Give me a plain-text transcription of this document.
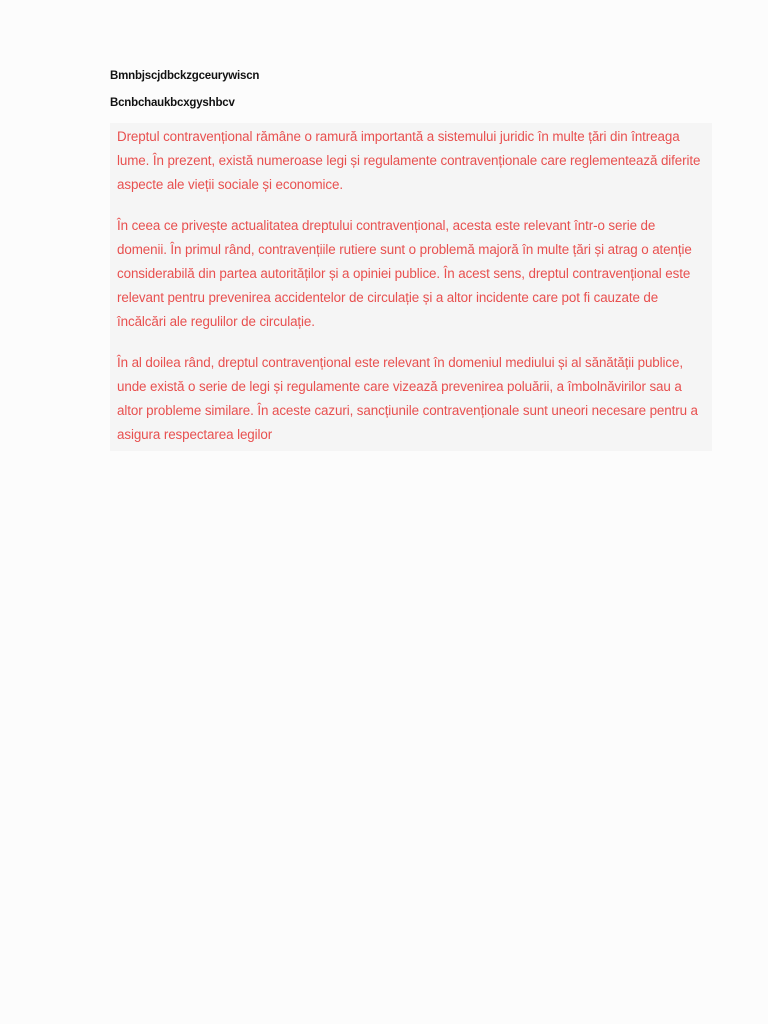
Bmnbjscjdbckzgceurywiscn
Bcnbchaukbcxgyshbcv

Dreptul contravențional rămâne o ramură importantă a sistemului juridic în multe țări din întreaga lume. În prezent, există numeroase legi și regulamente contravenționale care reglementează diferite aspecte ale vieții sociale și economice.

În ceea ce privește actualitatea dreptului contravențional, acesta este relevant într-o serie de domenii. În primul rând, contravențiile rutiere sunt o problemă majoră în multe țări și atrag o atenție considerabilă din partea autorităților și a opiniei publice. În acest sens, dreptul contravențional este relevant pentru prevenirea accidentelor de circulație și a altor incidente care pot fi cauzate de încălcări ale regulilor de circulație.

În al doilea rând, dreptul contravențional este relevant în domeniul mediului și al sănătății publice, unde există o serie de legi și regulamente care vizează prevenirea poluării, a îmbolnăvirilor sau a altor probleme similare. În aceste cazuri, sancțiunile contravenționale sunt uneori necesare pentru a asigura respectarea legilor
